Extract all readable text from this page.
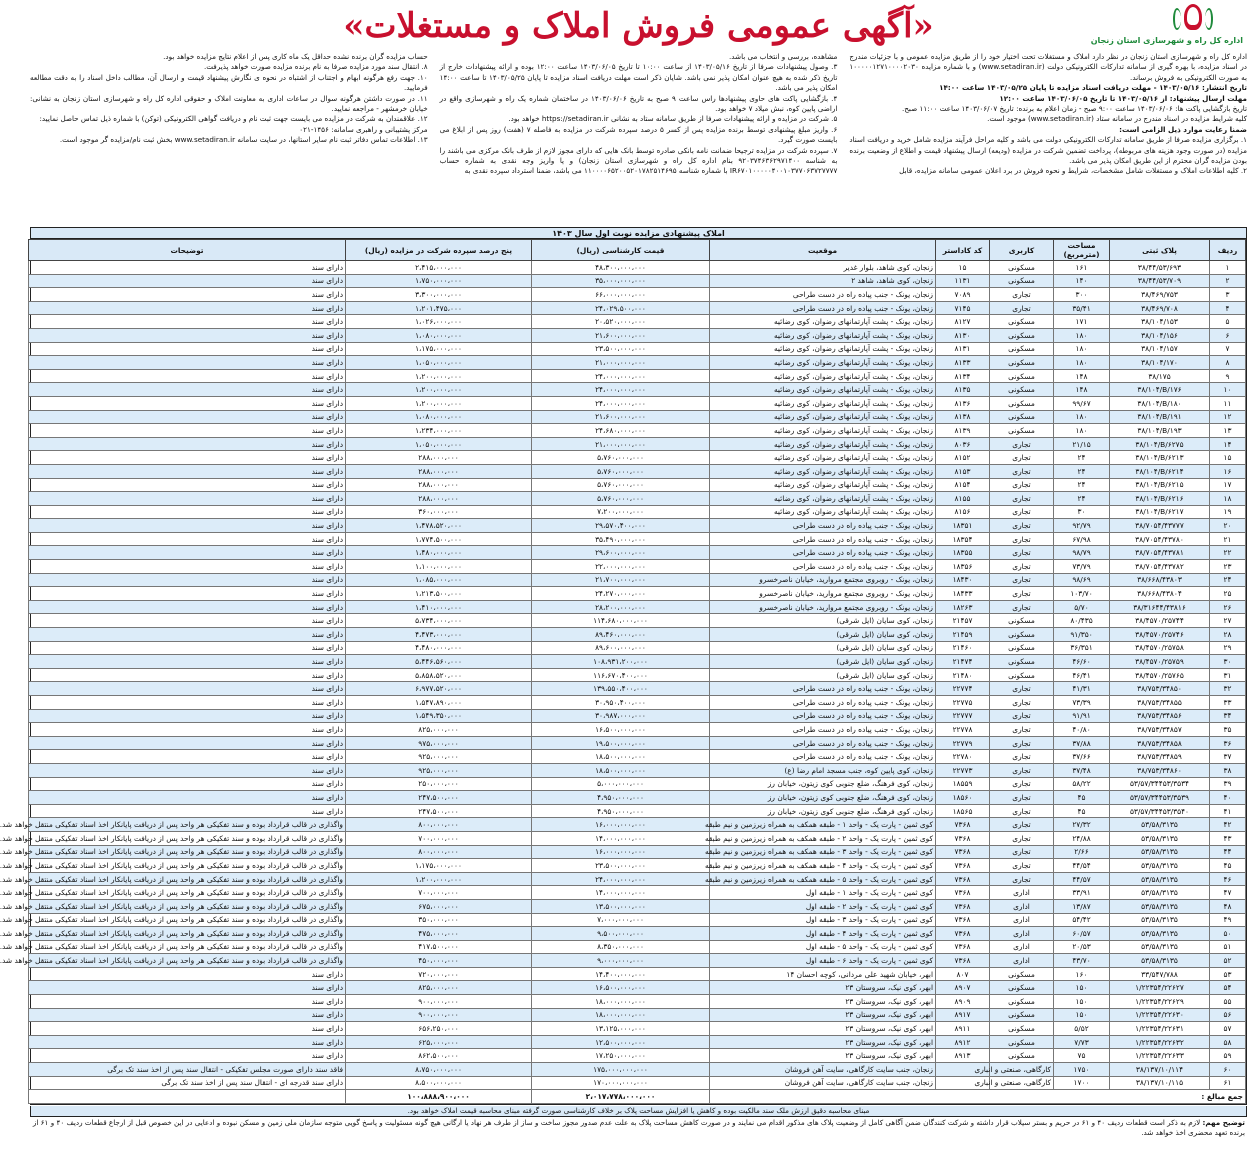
اداره کل راه و شهرسازی استان زنجان
«آگهی عمومی فروش املاک و مستغلات»

اداره کل راه و شهرسازی استان زنجان در نظر دارد املاک و مستغلات تحت اختیار خود را از طریق مزایده عمومی و با جزئیات مندرج در اسناد مزایده، با بهره گیری از سامانه تدارکات الکترونیکی دولت (www.setadiran.ir) و با شماره مزایده ۱۰۰۰۰۰۱۲۷۱۰۰۰۰۲۰۳۰ به صورت الکترونیکی به فروش برساند.

تاریخ انتشار: ۱۴۰۳/۰۵/۱۶ - مهلت دریافت اسناد مزایده تا پایان ۱۴۰۳/۰۵/۲۵ ساعت ۱۴:۰۰

مهلت ارسال پیشنهاد: از ۱۴۰۳/۰۵/۱۶ تا تاریخ ۱۴۰۳/۰۶/۰۵ ساعت ۱۲:۰۰

تاریخ بازگشایی پاکت ها: ۱۴۰۳/۰۶/۰۶ ساعت ۹:۰۰ صبح - زمان اعلام به برنده: تاریخ ۱۴۰۳/۰۶/۰۷ ساعت ۱۱:۰۰ صبح.

کلیه شرایط مزایده در اسناد مندرج در سامانه ستاد (www.setadiran.ir) موجود است.

ضمنا رعایت موارد ذیل الزامی است:

۱. برگزاری مزایده صرفا از طریق سامانه تدارکات الکترونیکی دولت می باشد و کلیه مراحل فرآیند مزایده شامل خرید و دریافت اسناد مزایده (در صورت وجود هزینه های مربوطه)، پرداخت تضمین شرکت در مزایده (ودیعه) ارسال پیشنهاد قیمت و اطلاع از وضعیت برنده بودن مزایده گران محترم از این طریق امکان پذیر می باشد.

۲. کلیه اطلاعات املاک و مستغلات شامل مشخصات، شرایط و نحوه فروش در برد اعلان عمومی سامانه مزایده، قابل

مشاهده، بررسی و انتخاب می باشد.

۳. وصول پیشنهادات صرفا از تاریخ ۱۴۰۳/۰۵/۱۶ از ساعت ۱۰:۰۰ تا تاریخ ۱۴۰۳/۰۶/۰۵ ساعت ۱۲:۰۰ بوده و ارائه پیشنهادات خارج از تاریخ ذکر شده به هیچ عنوان امکان پذیر نمی باشد. شایان ذکر است مهلت دریافت اسناد مزایده تا پایان ۱۴۰۳/۰۵/۲۵ تا ساعت ۱۴:۰۰ امکان پذیر می باشد.

۴. بازگشایی پاکت های حاوی پیشنهادها راس ساعت ۹ صبح به تاریخ ۱۴۰۳/۰۶/۰۶ در ساختمان شماره یک راه و شهرسازی واقع در اراضی پایین کوه، نبش میلاد ۷ خواهد بود.

۵. شرکت در مزایده و ارائه پیشنهادات صرفا از طریق سامانه ستاد به نشانی https://setadiran.ir خواهد بود.

۶. واریز مبلغ پیشنهادی توسط برنده مزایده پس از کسر ۵ درصد سپرده شرکت در مزایده به فاصله ۷ (هفت) روز پس از ابلاغ می بایست صورت گیرد.

۷. سپرده شرکت در مزایده ترجیحا ضمانت نامه بانکی صادره توسط بانک هایی که دارای مجوز لازم از طرف بانک مرکزی می باشند را به شناسه ۹۲۰۳۷۴۶۳۶۲۹۷۱۴۰۰ بنام اداره کل راه و شهرسازی استان زنجان) و یا واریز وجه نقدی به شماره حساب IR۶۷۰۱۰۰۰۰۰۴۰۰۱۰۳۷۷۰۶۳۷۲۷۷۷۷ با شماره شناسه ۱۱۰۰۰۰۶۵۲۰۰۵۲۰۱۷۸۲۵۱۴۶۹۵ می باشد، ضمنا استرداد سپرده نقدی به

حساب مزایده گران برنده نشده حداقل یک ماه کاری پس از اعلام نتایج مزایده خواهد بود.

۸. انتقال سند مورد مزایده صرفا به نام برنده مزایده صورت خواهد پذیرفت.

۱۰. جهت رفع هرگونه ابهام و اجتناب از اشتباه در نحوه ی نگارش پیشنهاد قیمت و ارسال آن، مطالب داخل اسناد را به دقت مطالعه فرمایید.

۱۱. در صورت داشتن هرگونه سوال در ساعات اداری به معاونت املاک و حقوقی اداره کل راه و شهرسازی استان زنجان به نشانی: خیابان خرمشهر - مراجعه نمایید.

۱۲. علاقمندان به شرکت در مزایده می بایست جهت ثبت نام و دریافت گواهی الکترونیکی (توکن) با شماره ذیل تماس حاصل نمایید:

مرکز پشتیبانی و راهبری سامانه: ۱۴۵۶-۰۲۱

۱۳. اطلاعات تماس دفاتر ثبت نام سایر استانها، در سایت سامانه www.setadiran.ir بخش ثبت نام/مزایده گر موجود است.

املاک پیشنهادی مزایده نوبت اول سال ۱۴۰۳
ردیف	پلاک ثبتی	مساحت (مترمربع)	کاربری	کد کاداستر	موقعیت	قیمت کارشناسی (ریال)	پنج درصد سپرده شرکت در مزایده (ریال)	توضیحات
۱	۳۸/۴۴/۵۳/۶۹۳	۱۶۱	مسکونی	۱۵	زنجان، کوی شاهد، بلوار غدیر	۴۸،۳۰۰،۰۰۰،۰۰۰	۲،۴۱۵،۰۰۰،۰۰۰	دارای سند
۲	۳۸/۴۴/۵۳/۷۰۹	۱۴۰	مسکونی	۱۱۳۱	زنجان، کوی شاهد، شاهد ۲	۳۵،۰۰۰،۰۰۰،۰۰۰	۱،۷۵۰،۰۰۰،۰۰۰	دارای سند
۳	۳۸/۴۶۹/۷۵۳	۳۰۰	تجاری	۷۰۸۹	زنجان، یونک - جنب پیاده راه در دست طراحی	۶۶،۰۰۰،۰۰۰،۰۰۰	۳،۳۰۰،۰۰۰،۰۰۰	دارای سند
۴	۳۸/۴۶۹/۷۰۸	۳۵/۴۱	تجاری	۷۱۴۵	زنجان، یونک - جنب پیاده راه در دست طراحی	۲۴،۰۲۹،۵۰۰،۰۰۰	۱،۲۰۱،۴۷۵،۰۰۰	دارای سند
۵	۳۸/۱۰۴/۱۵۳	۱۷۱	مسکونی	۸۱۲۷	زنجان، یونک - پشت آپارتمانهای رضوان، کوی رضائیه	۲۰،۵۲۰،۰۰۰،۰۰۰	۱،۰۲۶،۰۰۰،۰۰۰	دارای سند
۶	۳۸/۱۰۴/۱۵۶	۱۸۰	مسکونی	۸۱۳۰	زنجان، یونک - پشت آپارتمانهای رضوان، کوی رضائیه	۲۱،۶۰۰،۰۰۰،۰۰۰	۱،۰۸۰،۰۰۰،۰۰۰	دارای سند
۷	۳۸/۱۰۴/۱۵۷	۱۸۰	مسکونی	۸۱۳۱	زنجان، یونک - پشت آپارتمانهای رضوان، کوی رضائیه	۲۳،۵۰۰،۰۰۰،۰۰۰	۱،۱۷۵،۰۰۰،۰۰۰	دارای سند
۸	۳۸/۱۰۴/۱۷۰	۱۸۰	مسکونی	۸۱۳۳	زنجان، یونک - پشت آپارتمانهای رضوان، کوی رضائیه	۲۱،۰۰۰،۰۰۰،۰۰۰	۱،۰۵۰،۰۰۰،۰۰۰	دارای سند
۹	۳۸/۱۷۵	۱۴۸	مسکونی	۸۱۳۴	زنجان، یونک - پشت آپارتمانهای رضوان، کوی رضائیه	۲۴،۰۰۰،۰۰۰،۰۰۰	۱،۲۰۰،۰۰۰،۰۰۰	دارای سند
۱۰	۳۸/۱۰۴/B/۱۷۶	۱۴۸	مسکونی	۸۱۳۵	زنجان، یونک - پشت آپارتمانهای رضوان، کوی رضائیه	۲۴،۰۰۰،۰۰۰،۰۰۰	۱،۲۰۰،۰۰۰،۰۰۰	دارای سند
۱۱	۳۸/۱۰۴/B/۱۸۰	۹۹/۶۷	مسکونی	۸۱۳۶	زنجان، یونک - پشت آپارتمانهای رضوان، کوی رضائیه	۲۴،۰۰۰،۰۰۰،۰۰۰	۱،۲۰۰،۰۰۰،۰۰۰	دارای سند
۱۲	۳۸/۱۰۴/B/۱۹۱	۱۸۰	مسکونی	۸۱۳۸	زنجان، یونک - پشت آپارتمانهای رضوان، کوی رضائیه	۲۱،۶۰۰،۰۰۰،۰۰۰	۱،۰۸۰،۰۰۰،۰۰۰	دارای سند
۱۳	۳۸/۱۰۴/B/۱۹۳	۱۸۰	مسکونی	۸۱۳۹	زنجان، یونک - پشت آپارتمانهای رضوان، کوی رضائیه	۲۴،۶۸۰،۰۰۰،۰۰۰	۱،۲۳۴،۰۰۰،۰۰۰	دارای سند
۱۴	۳۸/۱۰۴/B/۶۲۷۵	۲۱/۱۵	تجاری	۸۰۳۶	زنجان، یونک - پشت آپارتمانهای رضوان، کوی رضائیه	۲۱،۰۰۰،۰۰۰،۰۰۰	۱،۰۵۰،۰۰۰،۰۰۰	دارای سند
۱۵	۳۸/۱۰۴/B/۶۲۱۳	۲۴	تجاری	۸۱۵۲	زنجان، یونک - پشت آپارتمانهای رضوان، کوی رضائیه	۵،۷۶۰،۰۰۰،۰۰۰	۲۸۸،۰۰۰،۰۰۰	دارای سند
۱۶	۳۸/۱۰۴/B/۶۲۱۴	۲۴	تجاری	۸۱۵۳	زنجان، یونک - پشت آپارتمانهای رضوان، کوی رضائیه	۵،۷۶۰،۰۰۰،۰۰۰	۲۸۸،۰۰۰،۰۰۰	دارای سند
۱۷	۳۸/۱۰۴/B/۶۲۱۵	۲۴	تجاری	۸۱۵۴	زنجان، یونک - پشت آپارتمانهای رضوان، کوی رضائیه	۵،۷۶۰،۰۰۰،۰۰۰	۲۸۸،۰۰۰،۰۰۰	دارای سند
۱۸	۳۸/۱۰۴/B/۶۲۱۶	۲۴	تجاری	۸۱۵۵	زنجان، یونک - پشت آپارتمانهای رضوان، کوی رضائیه	۵،۷۶۰،۰۰۰،۰۰۰	۲۸۸،۰۰۰،۰۰۰	دارای سند
۱۹	۳۸/۱۰۴/B/۶۲۱۷	۳۰	تجاری	۸۱۵۶	زنجان، یونک - پشت آپارتمانهای رضوان، کوی رضائیه	۷،۲۰۰،۰۰۰،۰۰۰	۳۶۰،۰۰۰،۰۰۰	دارای سند
۲۰	۳۸/۷۰۵۴/۴۳۷۷۷	۹۲/۷۹	تجاری	۱۸۳۵۱	زنجان، یونک - جنب پیاده راه در دست طراحی	۲۹،۵۷۰،۴۰۰،۰۰۰	۱،۴۷۸،۵۲۰،۰۰۰	دارای سند
۲۱	۳۸/۷۰۵۴/۴۳۷۸۰	۶۷/۹۸	تجاری	۱۸۳۵۴	زنجان، یونک - جنب پیاده راه در دست طراحی	۳۵،۴۹۰،۰۰۰،۰۰۰	۱،۷۷۴،۵۰۰،۰۰۰	دارای سند
۲۲	۳۸/۷۰۵۴/۴۳۷۸۱	۹۸/۷۹	تجاری	۱۸۳۵۵	زنجان، یونک - جنب پیاده راه در دست طراحی	۲۹،۶۰۰،۰۰۰،۰۰۰	۱،۴۸۰،۰۰۰،۰۰۰	دارای سند
۲۳	۳۸/۷۰۵۴/۴۳۷۸۲	۷۳/۷۹	تجاری	۱۸۳۵۶	زنجان، یونک - جنب پیاده راه در دست طراحی	۲۲،۰۰۰،۰۰۰،۰۰۰	۱،۱۰۰،۰۰۰،۰۰۰	دارای سند
۲۴	۳۸/۶۶۸/۴۳۸۰۳	۹۸/۶۹	تجاری	۱۸۴۳۰	زنجان، یونک - روبروی مجتمع مروارید، خیابان ناصرخسرو	۲۱،۷۰۰،۰۰۰،۰۰۰	۱،۰۸۵،۰۰۰،۰۰۰	دارای سند
۲۵	۳۸/۶۶۸/۴۳۸۰۴	۱۰۳/۷۰	تجاری	۱۸۴۳۳	زنجان، یونک - روبروی مجتمع مروارید، خیابان ناصرخسرو	۲۴،۲۷۰،۰۰۰،۰۰۰	۱،۲۱۳،۵۰۰،۰۰۰	دارای سند
۲۶	۳۸/۳۱۶۴۴/۴۳۸۱۶	۵/۷۰	تجاری	۱۸۲۶۳	زنجان، یونک - روبروی مجتمع مروارید، خیابان ناصرخسرو	۲۸،۲۰۰،۰۰۰،۰۰۰	۱،۴۱۰،۰۰۰،۰۰۰	دارای سند
۲۷	۳۸/۴۵۷۰/۲۵۷۴۴	۸۰/۴۳۵	مسکونی	۲۱۴۵۷	زنجان، کوی سایان (ایل شرقی)	۱۱۴،۶۸۰،۰۰۰،۰۰۰	۵،۷۳۴،۰۰۰،۰۰۰	دارای سند
۲۸	۳۸/۴۵۷۰/۲۵۷۴۶	۹۱/۳۵۰	مسکونی	۲۱۴۵۹	زنجان، کوی سایان (ایل شرقی)	۸۹،۴۶۰،۰۰۰،۰۰۰	۴،۴۷۳،۰۰۰،۰۰۰	دارای سند
۲۹	۳۸/۴۵۷۰/۲۵۷۵۸	۳۶/۳۵۱	مسکونی	۲۱۴۶۰	زنجان، کوی سایان (ایل شرقی)	۸۹،۶۰۰،۰۰۰،۰۰۰	۴،۴۸۰،۰۰۰،۰۰۰	دارای سند
۳۰	۳۸/۴۵۷۰/۲۵۷۵۹	۴۶/۶۰	مسکونی	۲۱۴۷۴	زنجان، کوی سایان (ایل شرقی)	۱۰۸،۹۳۱،۲۰۰،۰۰۰	۵،۴۴۶،۵۶۰،۰۰۰	دارای سند
۳۱	۳۸/۴۵۷۰/۲۵۷۶۵	۴۶/۴۱	مسکونی	۲۱۴۸۰	زنجان، کوی سایان (ایل شرقی)	۱۱۶،۶۷۰،۴۰۰،۰۰۰	۵،۸۵۸،۵۲۰،۰۰۰	دارای سند
۳۲	۳۸/۷۵۳/۳۴۸۵۰	۴۱/۳۱	تجاری	۲۲۷۷۴	زنجان، یونک - جنب پیاده راه در دست طراحی	۱۳۹،۵۵۰،۴۰۰،۰۰۰	۶،۹۷۷،۵۲۰،۰۰۰	دارای سند
۳۳	۳۸/۷۵۳/۳۴۸۵۵	۷۳/۳۹	تجاری	۲۲۷۷۵	زنجان، یونک - جنب پیاده راه در دست طراحی	۳۰،۹۵۰،۴۰۰،۰۰۰	۱،۵۴۷،۸۹۰،۰۰۰	دارای سند
۳۴	۳۸/۷۵۳/۳۴۸۵۶	۹۱/۹۱	تجاری	۲۲۷۷۷	زنجان، یونک - جنب پیاده راه در دست طراحی	۳۰،۹۸۷،۰۰۰،۰۰۰	۱،۵۴۹،۳۵۰،۰۰۰	دارای سند
۳۵	۳۸/۷۵۳/۳۴۸۵۷	۴۰/۸۰	تجاری	۲۲۷۷۸	زنجان، یونک - جنب پیاده راه در دست طراحی	۱۶،۵۰۰،۰۰۰،۰۰۰	۸۲۵،۰۰۰،۰۰۰	دارای سند
۳۶	۳۸/۷۵۳/۳۴۸۵۸	۳۷/۸۸	تجاری	۲۲۷۷۹	زنجان، یونک - جنب پیاده راه در دست طراحی	۱۹،۵۰۰،۰۰۰،۰۰۰	۹۷۵،۰۰۰،۰۰۰	دارای سند
۳۷	۳۸/۷۵۳/۳۴۸۵۹	۳۷/۶۶	تجاری	۲۲۷۸۰	زنجان، یونک - جنب پیاده راه در دست طراحی	۱۸،۵۰۰،۰۰۰،۰۰۰	۹۲۵،۰۰۰،۰۰۰	دارای سند
۳۸	۳۸/۷۵۳/۳۴۸۶۰	۳۷/۴۸	تجاری	۲۲۷۷۳	زنجان، کوی پایین کوه، جنب مسجد امام رضا (ع)	۱۸،۵۰۰،۰۰۰،۰۰۰	۹۲۵،۰۰۰،۰۰۰	دارای سند
۳۹	۵۳/۵۷/۳۴۴۵۳/۳۵۳۴	۵۸/۲۲	تجاری	۱۸۵۵۹	زنجان، کوی فرهنگ، ضلع جنوبی کوی زیتون، خیابان رز	۵،۰۰۰،۰۰۰،۰۰۰	۲۵۰،۰۰۰،۰۰۰	دارای سند
۴۰	۵۳/۵۷/۳۴۴۵۳/۳۵۳۹	۴۵	تجاری	۱۸۵۶۰	زنجان، کوی فرهنگ، ضلع جنوبی کوی زیتون، خیابان رز	۴،۹۵۰،۰۰۰،۰۰۰	۲۴۷،۵۰۰،۰۰۰	دارای سند
۴۱	۵۳/۵۷/۳۴۴۵۳/۳۵۴۰	۴۵	تجاری	۱۸۵۶۵	زنجان، کوی فرهنگ، ضلع جنوبی کوی زیتون، خیابان رز	۴،۹۵۰،۰۰۰،۰۰۰	۲۴۷،۵۰۰،۰۰۰	دارای سند
۴۲	۵۳/۵۸/۳۱۳۵	۲۷/۳۲	تجاری	۷۳۶۸	کوی ثمین - پارت یک - واحد ۱ - طبقه همکف به همراه زیرزمین و نیم طبقه	۱۶،۰۰۰،۰۰۰،۰۰۰	۸۰۰،۰۰۰،۰۰۰	واگذاری در قالب قرارداد بوده و سند تفکیکی هر واحد پس از دریافت پایانکار اخذ اسناد تفکیکی منتقل خواهد شد.
۴۳	۵۳/۵۸/۳۱۳۵	۲۴/۸۸	تجاری	۷۳۶۸	کوی ثمین - پارت یک - واحد ۲ - طبقه همکف به همراه زیرزمین و نیم طبقه	۱۴،۰۰۰،۰۰۰،۰۰۰	۷۰۰،۰۰۰،۰۰۰	واگذاری در قالب قرارداد بوده و سند تفکیکی هر واحد پس از دریافت پایانکار اخذ اسناد تفکیکی منتقل خواهد شد.
۴۴	۵۳/۵۸/۳۱۳۵	۲/۶۶	تجاری	۷۳۶۸	کوی ثمین - پارت یک - واحد ۳ - طبقه همکف به همراه زیرزمین و نیم طبقه	۱۶،۰۰۰،۰۰۰،۰۰۰	۸۰۰،۰۰۰،۰۰۰	واگذاری در قالب قرارداد بوده و سند تفکیکی هر واحد پس از دریافت پایانکار اخذ اسناد تفکیکی منتقل خواهد شد.
۴۵	۵۳/۵۸/۳۱۳۵	۴۴/۵۴	تجاری	۷۳۶۸	کوی ثمین - پارت یک - واحد ۴ - طبقه همکف به همراه زیرزمین و نیم طبقه	۲۳،۵۰۰،۰۰۰،۰۰۰	۱،۱۷۵،۰۰۰،۰۰۰	واگذاری در قالب قرارداد بوده و سند تفکیکی هر واحد پس از دریافت پایانکار اخذ اسناد تفکیکی منتقل خواهد شد.
۴۶	۵۳/۵۸/۳۱۳۵	۴۴/۵۷	تجاری	۷۳۶۸	کوی ثمین - پارت یک - واحد ۵ - طبقه همکف به همراه زیرزمین و نیم طبقه	۲۴،۰۰۰،۰۰۰،۰۰۰	۱،۲۰۰،۰۰۰،۰۰۰	واگذاری در قالب قرارداد بوده و سند تفکیکی هر واحد پس از دریافت پایانکار اخذ اسناد تفکیکی منتقل خواهد شد.
۴۷	۵۳/۵۸/۳۱۳۵	۳۳/۹۱	اداری	۷۳۶۸	کوی ثمین - پارت یک - واحد ۱ - طبقه اول	۱۴،۰۰۰،۰۰۰،۰۰۰	۷۰۰،۰۰۰،۰۰۰	واگذاری در قالب قرارداد بوده و سند تفکیکی هر واحد پس از دریافت پایانکار اخذ اسناد تفکیکی منتقل خواهد شد.
۴۸	۵۳/۵۸/۳۱۳۵	۱۳/۸۷	اداری	۷۳۶۸	کوی ثمین - پارت یک - واحد ۲ - طبقه اول	۱۳،۵۰۰،۰۰۰،۰۰۰	۶۷۵،۰۰۰،۰۰۰	واگذاری در قالب قرارداد بوده و سند تفکیکی هر واحد پس از دریافت پایانکار اخذ اسناد تفکیکی منتقل خواهد شد.
۴۹	۵۳/۵۸/۳۱۳۵	۵۴/۴۲	اداری	۷۳۶۸	کوی ثمین - پارت یک - واحد ۳ - طبقه اول	۷،۰۰۰،۰۰۰،۰۰۰	۳۵۰،۰۰۰،۰۰۰	واگذاری در قالب قرارداد بوده و سند تفکیکی هر واحد پس از دریافت پایانکار اخذ اسناد تفکیکی منتقل خواهد شد.
۵۰	۵۳/۵۸/۳۱۳۵	۶۰/۵۷	اداری	۷۳۶۸	کوی ثمین - پارت یک - واحد ۴ - طبقه اول	۹،۵۰۰،۰۰۰،۰۰۰	۴۷۵،۰۰۰،۰۰۰	واگذاری در قالب قرارداد بوده و سند تفکیکی هر واحد پس از دریافت پایانکار اخذ اسناد تفکیکی منتقل خواهد شد.
۵۱	۵۳/۵۸/۳۱۳۵	۲۰/۵۳	اداری	۷۳۶۸	کوی ثمین - پارت یک - واحد ۵ - طبقه اول	۸،۳۵۰،۰۰۰،۰۰۰	۴۱۷،۵۰۰،۰۰۰	واگذاری در قالب قرارداد بوده و سند تفکیکی هر واحد پس از دریافت پایانکار اخذ اسناد تفکیکی منتقل خواهد شد.
۵۲	۵۳/۵۸/۳۱۳۵	۴۳/۷۰	اداری	۷۳۶۸	کوی ثمین - پارت یک - واحد ۶ - طبقه اول	۹،۰۰۰،۰۰۰،۰۰۰	۴۵۰،۰۰۰،۰۰۰	واگذاری در قالب قرارداد بوده و سند تفکیکی هر واحد پس از دریافت پایانکار اخذ اسناد تفکیکی منتقل خواهد شد.
۵۳	۳۳/۵۴۷/۷۸۸	۱۶۰	مسکونی	۸۰۷	ابهر، خیابان شهید علی مردانی، کوچه احسان ۱۴	۱۴،۴۰۰،۰۰۰،۰۰۰	۷۲۰،۰۰۰،۰۰۰	دارای سند
۵۴	۱/۲۲۳۵۴/۲۲۶۲۷	۱۵۰	مسکونی	۸۹۰۷	ابهر، کوی نیک، سروستان ۲۳	۱۶،۵۰۰،۰۰۰،۰۰۰	۸۲۵،۰۰۰،۰۰۰	دارای سند
۵۵	۱/۲۲۳۵۴/۲۲۶۲۹	۱۵۰	مسکونی	۸۹۰۹	ابهر، کوی نیک، سروستان ۲۳	۱۸،۰۰۰،۰۰۰،۰۰۰	۹۰۰،۰۰۰،۰۰۰	دارای سند
۵۶	۱/۲۲۳۵۴/۲۲۶۳۰	۱۵۰	مسکونی	۸۹۱۷	ابهر، کوی نیک، سروستان ۲۳	۱۸،۰۰۰،۰۰۰،۰۰۰	۹۰۰،۰۰۰،۰۰۰	دارای سند
۵۷	۱/۲۲۳۵۴/۲۲۶۳۱	۵/۵۲	مسکونی	۸۹۱۱	ابهر، کوی نیک، سروستان ۲۳	۱۳،۱۲۵،۰۰۰،۰۰۰	۶۵۶،۲۵۰،۰۰۰	دارای سند
۵۸	۱/۲۲۳۵۴/۲۲۶۳۲	۷/۷۳	مسکونی	۸۹۱۲	ابهر، کوی نیک، سروستان ۲۳	۱۲،۵۰۰،۰۰۰،۰۰۰	۶۲۵،۰۰۰،۰۰۰	دارای سند
۵۹	۱/۲۲۳۵۴/۲۲۶۳۳	۷۵	مسکونی	۸۹۱۳	ابهر، کوی نیک، سروستان ۲۳	۱۷،۲۵۰،۰۰۰،۰۰۰	۸۶۲،۵۰۰،۰۰۰	دارای سند
۶۰	۳۸/۱۳۷/۱۰/۱۱۴	۱۷۵۰	کارگاهی، صنعتی و انباری		زنجان، جنب سایت کارگاهی، سایت آهن فروشان	۱۷۵،۰۰۰،۰۰۰،۰۰۰	۸،۷۵۰،۰۰۰،۰۰۰	فاقد سند دارای صورت مجلس تفکیکی - انتقال سند پس از اخذ سند تک برگی
۶۱	۳۸/۱۳۷/۱۰/۱۱۵	۱۷۰۰	کارگاهی، صنعتی و انباری		زنجان، جنب سایت کارگاهی، سایت آهن فروشان	۱۷۰،۰۰۰،۰۰۰،۰۰۰	۸،۵۰۰،۰۰۰،۰۰۰	دارای سند قدرجه ای - انتقال سند پس از اخذ سند تک برگی
جمع مبالغ :						۲،۰۱۷،۷۷۸،۰۰۰،۰۰۰	۱۰۰،۸۸۸،۹۰۰،۰۰۰	
مبنای محاسبه دقیق ارزش ملک سند مالکیت بوده و کاهش یا افزایش مساحت پلاک بر خلاف کارشناسی صورت گرفته مبنای محاسبه قیمت املاک خواهد بود.
توضیح مهم: لازم به ذکر است قطعات ردیف ۴۰ و ۶۱ در حریم و بستر سیلاب قرار داشته و شرکت کنندگان ضمن آگاهی کامل از وضعیت پلاک های مذکور اقدام می نمایند و در صورت کاهش مساحت پلاک به علت عدم صدور مجوز ساخت و ساز از طرف هر نهاد یا ارگانی هیچ گونه مسئولیت و پاسخ گویی متوجه سازمان ملی زمین و مسکن نبوده و ادعایی در این خصوص قبل از ارجاع قطعات ردیف ۴۰ و ۶۱ از برنده تعهد محضری اخذ خواهد شد.
